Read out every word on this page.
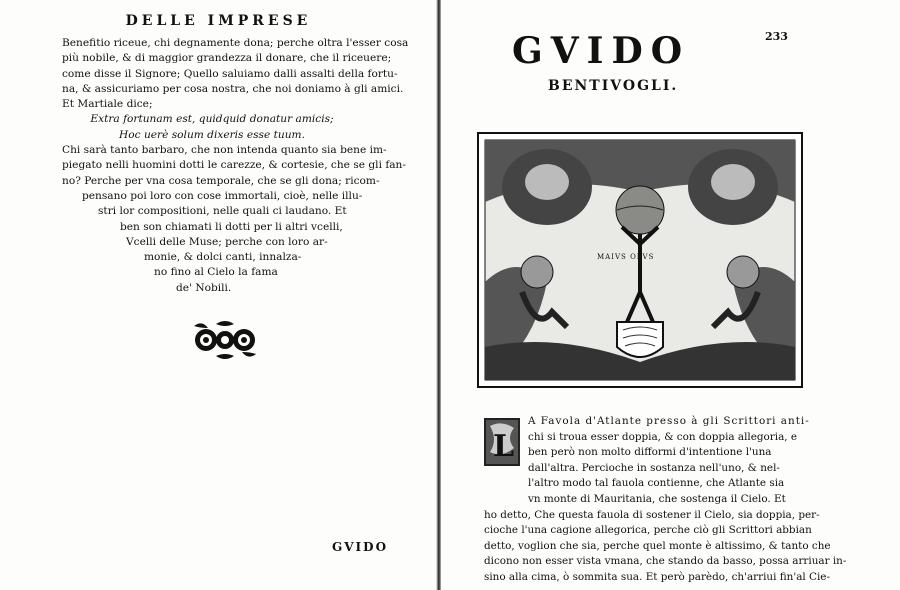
DELLE IMPRESE
Benefitio riceue, chi degnamente dona; perche oltra l'esser cosa
più nobile, & di maggior grandezza il donare, che il riceuere;
come disse il Signore; Quello saluiamo dalli assalti della fortu-
na, & assicuriamo per cosa nostra, che noi doniamo à gli amici.
Et Martiale dice;
Extra fortunam est, quidquid donatur amicis;
Hoc uerè solum dixeris esse tuum.
Chi sarà tanto barbaro, che non intenda quanto sia bene im-
piegato nelli huomini dotti le carezze, & cortesie, che se gli fan-
no? Perche per vna cosa temporale, che se gli dona; ricom-
pensano poi loro con cose immortali, cioè, nelle illu-
stri lor compositioni, nelle quali ci laudano. Et
ben son chiamati li dotti per li altri vcelli,
Vcelli delle Muse; perche con loro ar-
monie, & dolci canti, innalza-
no fino al Cielo la fama
de' Nobili.
GVIDO
GVIDO	233
BENTIVOGLI.
MAIVS OPVS
L
A Favola d'Atlante presso à gli Scrittori anti-
chi si troua esser doppia, & con doppia allegoria, e
ben però non molto difformi d'intentione l'una
dall'altra. Percioche in sostanza nell'uno, & nel-
l'altro modo tal fauola contienne, che Atlante sia
vn monte di Mauritania, che sostenga il Cielo. Et
ho detto, Che questa fauola di sostener il Cielo, sia doppia, per-
cioche l'una cagione allegorica, perche ciò gli Scrittori abbian
detto, voglion che sia, perche quel monte è altissimo, & tanto che
dicono non esser vista vmana, che stando da basso, possa arriuar in-
sino alla cima, ò sommita sua. Et però parèdo, ch'arriui fin'al Cie-
